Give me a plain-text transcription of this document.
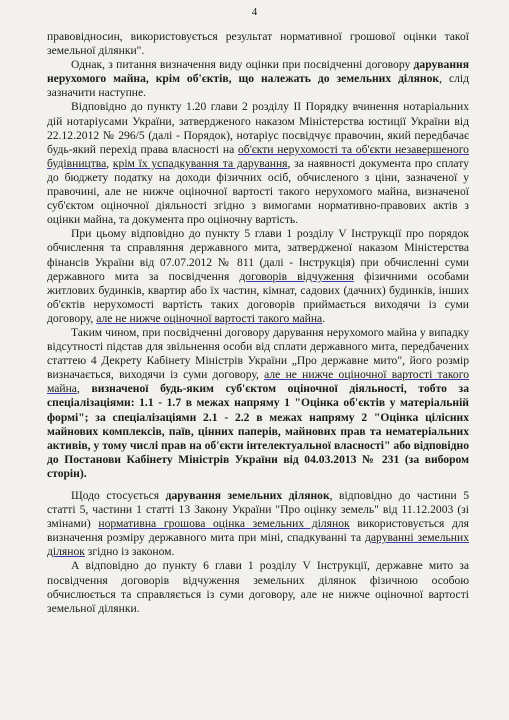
4

правовідносин, використовується результат нормативної грошової оцінки такої земельної ділянки".

Однак, з питання визначення виду оцінки при посвідченні договору дарування нерухомого майна, крім об'єктів, що належать до земельних ділянок, слід зазначити наступне.

Відповідно до пункту 1.20 глави 2 розділу II Порядку вчинення нотаріальних дій нотаріусами України, затвердженого наказом Міністерства юстиції України від 22.12.2012 № 296/5 (далі - Порядок), нотаріус посвідчує правочин, який передбачає будь-який перехід права власності на об'єкти нерухомості та об'єкти незавершеного будівництва, крім їх успадкування та дарування, за наявності документа про сплату до бюджету податку на доходи фізичних осіб, обчисленого з ціни, зазначеної у правочині, але не нижче оціночної вартості такого нерухомого майна, визначеної суб'єктом оціночної діяльності згідно з вимогами нормативно-правових актів з оцінки майна, та документа про оціночну вартість.

При цьому відповідно до пункту 5 глави 1 розділу V Інструкції про порядок обчислення та справляння державного мита, затвердженої наказом Міністерства фінансів України від 07.07.2012 № 811 (далі - Інструкція) при обчисленні суми державного мита за посвідчення договорів відчуження фізичними особами житлових будинків, квартир або їх частин, кімнат, садових (дачних) будинків, інших об'єктів нерухомості вартість таких договорів приймається виходячи із суми договору, але не нижче оціночної вартості такого майна.

Таким чином, при посвідченні договору дарування нерухомого майна у випадку відсутності підстав для звільнення особи від сплати державного мита, передбачених статтею 4 Декрету Кабінету Міністрів України „Про державне мито", його розмір визначається, виходячи із суми договору, але не нижче оціночної вартості такого майна, визначеної будь-яким суб'єктом оціночної діяльності, тобто за спеціалізаціями: 1.1 - 1.7 в межах напряму 1 "Оцінка об'єктів у матеріальній формі"; за спеціалізаціями 2.1 - 2.2 в межах напряму 2 "Оцінка цілісних майнових комплексів, паїв, цінних паперів, майнових прав та нематеріальних активів, у тому числі прав на об'єкти інтелектуальної власності" або відповідно до Постанови Кабінету Міністрів України від 04.03.2013 № 231 (за вибором сторін).

Щодо стосується дарування земельних ділянок, відповідно до частини 5 статті 5, частини 1 статті 13 Закону України "Про оцінку земель" від 11.12.2003 (зі змінами) нормативна грошова оцінка земельних ділянок використовується для визначення розміру державного мита при міні, спадкуванні та даруванні земельних ділянок згідно із законом.

А відповідно до пункту 6 глави 1 розділу V Інструкції, державне мито за посвідчення договорів відчуження земельних ділянок фізичною особою обчислюється та справляється із суми договору, але не нижче оціночної вартості земельної ділянки.
